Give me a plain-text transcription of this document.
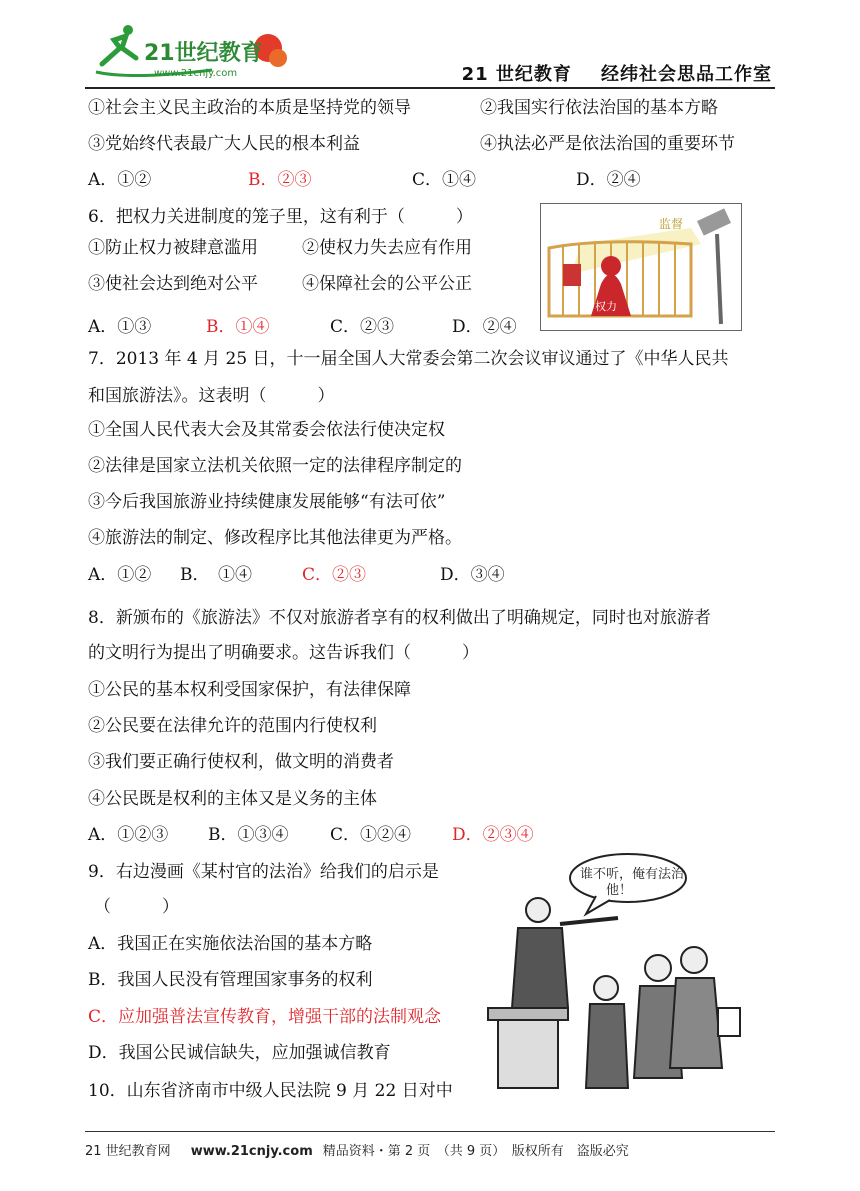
21世纪教育
www.21cnjy.com	21 世纪教育    经纬社会思品工作室
①社会主义民主政治的本质是坚持党的领导	②我国实行依法治国的基本方略
③党始终代表最广大人民的根本利益	④执法必严是依法治国的重要环节
A．①②	B．②③	C．①④	D．②④
6．把权力关进制度的笼子里，这有利于（　　　）
①防止权力被肆意滥用	②使权力失去应有作用
③使社会达到绝对公平	④保障社会的公平公正
A．①③	B．①④	C．②③	D．②④
监督
权力
7．2013 年 4 月 25 日，十一届全国人大常委会第二次会议审议通过了《中华人民共
和国旅游法》。这表明（　　　）
①全国人民代表大会及其常委会依法行使决定权
②法律是国家立法机关依照一定的法律程序制定的
③今后我国旅游业持续健康发展能够“有法可依”
④旅游法的制定、修改程序比其他法律更为严格。
A．①② B．　①④	C．②③	D．③④
8．新颁布的《旅游法》不仅对旅游者享有的权利做出了明确规定，同时也对旅游者
的文明行为提出了明确要求。这告诉我们（　　　）
①公民的基本权利受国家保护，有法律保障
②公民要在法律允许的范围内行使权利
③我们要正确行使权利，做文明的消费者
④公民既是权利的主体又是义务的主体
A．①②③ B．①③④ C．①②④ D．②③④
9．右边漫画《某村官的法治》给我们的启示是
（　　　）
A．我国正在实施依法治国的基本方略
B．我国人民没有管理国家事务的权利
C．应加强普法宣传教育，增强干部的法制观念
D．我国公民诚信缺失，应加强诚信教育
谁不听，俺有法治
他！
10．山东省济南市中级人民法院 9 月 22 日对中
21 世纪教育网 www.21cnjy.com 精品资料・第 2 页　（共 9 页）　版权所有　盗版必究
